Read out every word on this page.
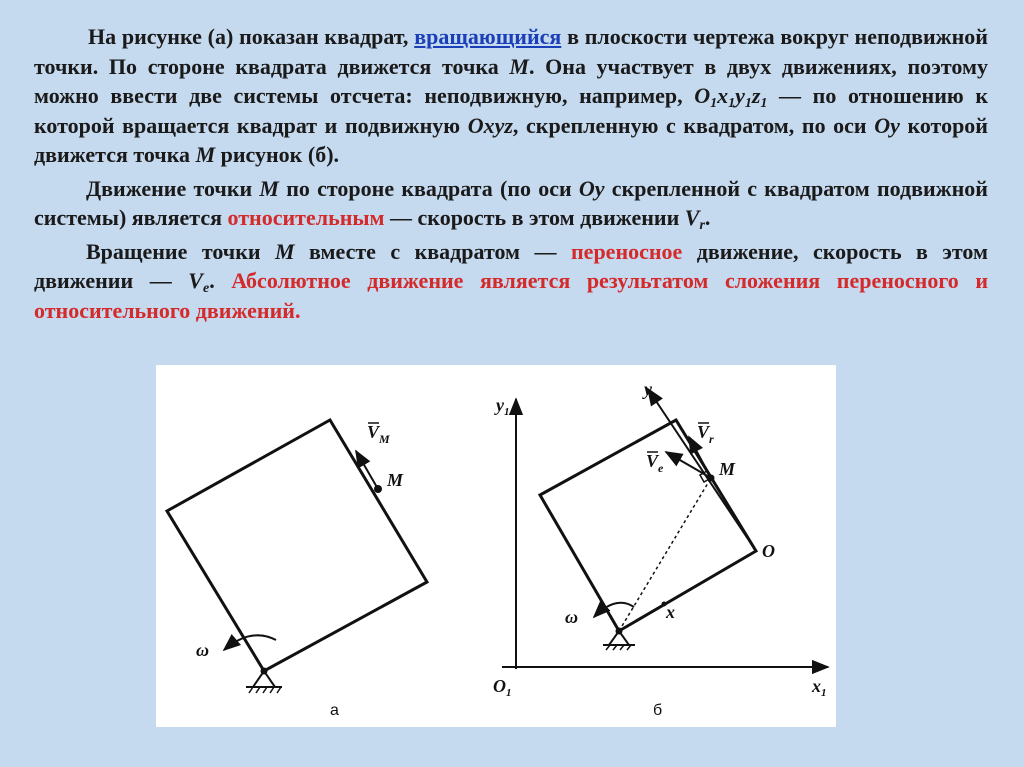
На рисунке (а) показан квадрат, вращающийся в плоскости чертежа вокруг неподвижной точки. По стороне квадрата движется точка M. Она участвует в двух движениях, поэтому можно ввести две системы отсчета: неподвижную, например, $O_1x_1y_1z_1$ — по отношению к которой вращается квадрат и подвижную Oxyz, скрепленную с квадратом, по оси Oy которой движется точка M рисунок (б).

Движение точки M по стороне квадрата (по оси Oy скрепленной с квадратом подвижной системы) является относительным — скорость в этом движении $V_r$.

Вращение точки M вместе с квадратом — переносное движение, скорость в этом движении — $V_e$. Абсолютное движение является результатом сложения переносного и относительного движений.

$V_M$
M
ω
а
$y_1$
$x_1$
$O_1$
y
x
O
M
$V_r$
$V_e$
ω
б
